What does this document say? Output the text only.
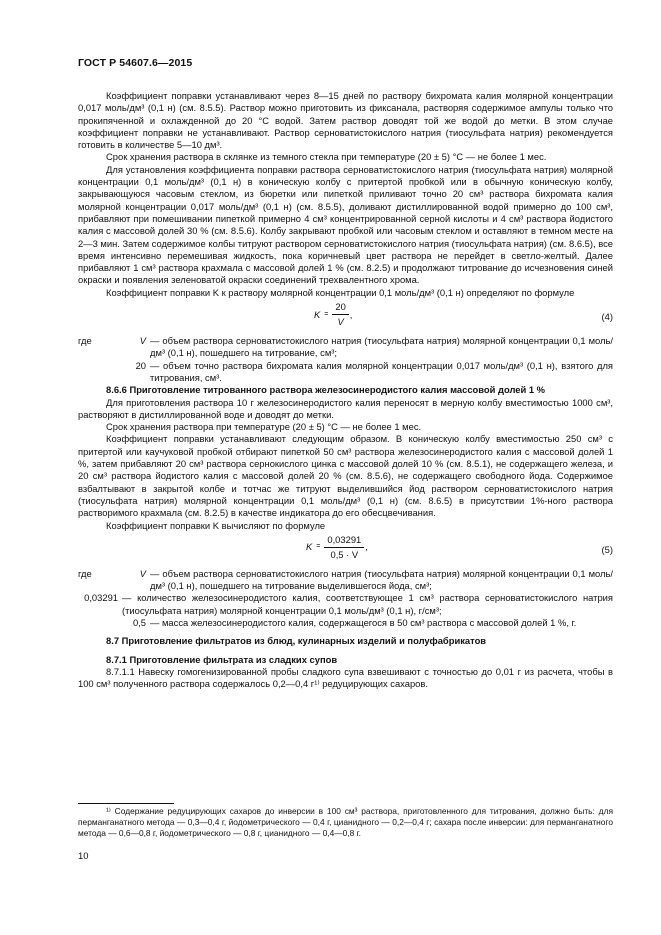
ГОСТ Р 54607.6—2015

Коэффициент поправки устанавливают через 8—15 дней по раствору бихромата калия молярной концентрации 0,017 моль/дм³ (0,1 н) (см. 8.5.5). Раствор можно приготовить из фиксанала, растворяя содержимое ампулы только что прокипяченной и охлажденной до 20 °C водой. Затем раствор доводят той же водой до метки. В этом случае коэффициент поправки не устанавливают. Раствор серноватистокислого натрия (тиосульфата натрия) рекомендуется готовить в количестве 5—10 дм³.

Срок хранения раствора в склянке из темного стекла при температуре (20 ± 5) °C — не более 1 мес.

Для установления коэффициента поправки раствора серноватистокислого натрия (тиосульфата натрия) молярной концентрации 0,1 моль/дм³ (0,1 н) в коническую колбу с притертой пробкой или в обычную коническую колбу, закрывающуюся часовым стеклом, из бюретки или пипеткой приливают точно 20 см³ раствора бихромата калия молярной концентрации 0,017 моль/дм³ (0,1 н) (см. 8.5.5), доливают дистиллированной водой примерно до 100 см³, прибавляют при помешивании пипеткой примерно 4 см³ концентрированной серной кислоты и 4 см³ раствора йодистого калия с массовой долей 30 % (см. 8.5.6). Колбу закрывают пробкой или часовым стеклом и оставляют в темном месте на 2—3 мин. Затем содержимое колбы титруют раствором серноватистокислого натрия (тиосульфата натрия) (см. 8.6.5), все время интенсивно перемешивая жидкость, пока коричневый цвет раствора не перейдет в светло-желтый. Далее прибавляют 1 см³ раствора крахмала с массовой долей 1 % (см. 8.2.5) и продолжают титрование до исчезновения синей окраски и появления зеленоватой окраски соединений трехвалентного хрома.

Коэффициент поправки K к раствору молярной концентрации 0,1 моль/дм³ (0,1 н) определяют по формуле

$K = \frac{20}{V}$ ,	(4)
где	V — объем раствора серноватистокислого натрия (тиосульфата натрия) молярной концентрации 0,1 моль/дм³ (0,1 н), пошедшего на титрование, см³;
20 — объем точно раствора бихромата калия молярной концентрации 0,017 моль/дм³ (0,1 н), взятого для титрования, см³.

8.6.6 Приготовление титрованного раствора железосинеродистого калия массовой долей 1 %

Для приготовления раствора 10 г железосинеродистого калия переносят в мерную колбу вместимостью 1000 см³, растворяют в дистиллированной воде и доводят до метки.

Срок хранения раствора при температуре (20 ± 5) °C — не более 1 мес.

Коэффициент поправки устанавливают следующим образом. В коническую колбу вместимостью 250 см³ с притертой или каучуковой пробкой отбирают пипеткой 50 см³ раствора железосинеродистого калия с массовой долей 1 %, затем прибавляют 20 см³ раствора сернокислого цинка с массовой долей 10 % (см. 8.5.1), не содержащего железа, и 20 см³ раствора йодистого калия с массовой долей 20 % (см. 8.5.6), не содержащего свободного йода. Содержимое взбалтывают в закрытой колбе и тотчас же титруют выделившийся йод раствором серноватистокислого натрия (тиосульфата натрия) молярной концентрации 0,1 моль/дм³ (0,1 н) (см. 8.6.5) в присутствии 1%-ного раствора растворимого крахмала (см. 8.2.5) в качестве индикатора до его обесцвечивания.

Коэффициент поправки K вычисляют по формуле

$K = \frac{0,03291}{0,5 \cdot V}$ ,	(5)
где	V — объем раствора серноватистокислого натрия (тиосульфата натрия) молярной концентрации 0,1 моль/дм³ (0,1 н), пошедшего на титрование выделившегося йода, см³;
0,03291 — количество железосинеродистого калия, соответствующее 1 см³ раствора серноватистокислого натрия (тиосульфата натрия) молярной концентрации 0,1 моль/дм³ (0,1 н), г/см³;
0,5 — масса железосинеродистого калия, содержащегося в 50 см³ раствора с массовой долей 1 %, г.

8.7 Приготовление фильтратов из блюд, кулинарных изделий и полуфабрикатов

8.7.1 Приготовление фильтрата из сладких супов

8.7.1.1 Навеску гомогенизированной пробы сладкого супа взвешивают с точностью до 0,01 г из расчета, чтобы в 100 см³ полученного раствора содержалось 0,2—0,4 г¹⁾ редуцирующих сахаров.

¹⁾ Содержание редуцирующих сахаров до инверсии в 100 см³ раствора, приготовленного для титрования, должно быть: для перманганатного метода — 0,3—0,4 г, йодометрического — 0,4 г, цианидного — 0,2—0,4 г; сахара после инверсии: для перманганатного метода — 0,6—0,8 г, йодометрического — 0,8 г, цианидного — 0,4—0,8 г.
10
